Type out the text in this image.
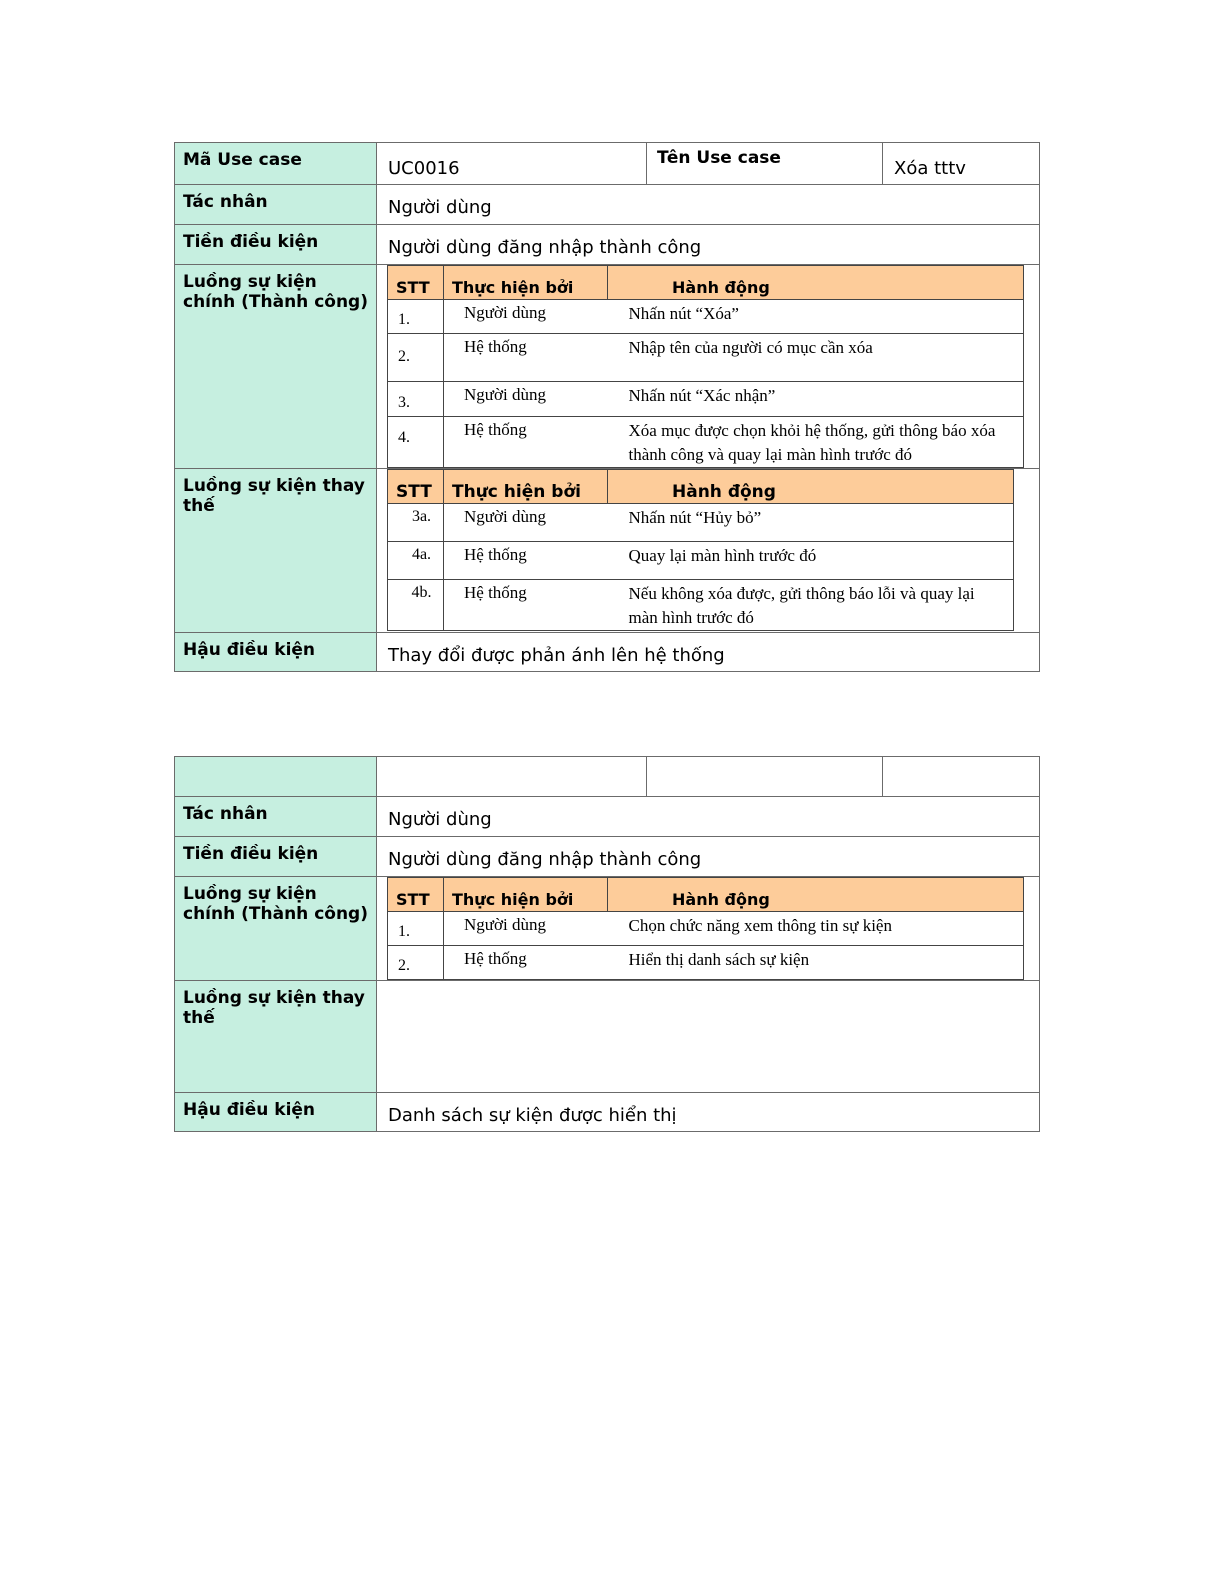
Mã Use case	UC0016	Tên Use case	Xóa tttv
Tác nhân	Người dùng
Tiền điều kiện	Người dùng đăng nhập thành công
Luồng sự kiện chính (Thành công)	
STT	Thực hiện bởi	Hành động
1.	Người dùng	Nhấn nút “Xóa”
2.	Hệ thống	Nhập tên của người có mục cần xóa
3.	Người dùng	Nhấn nút “Xác nhận”
4.	Hệ thống	Xóa mục được chọn khỏi hệ thống, gửi thông báo xóa thành công và quay lại màn hình trước đó

Luồng sự kiện thay thế	
STT	Thực hiện bởi	Hành động
3a.	Người dùng	Nhấn nút “Hủy bỏ”
4a.	Hệ thống	Quay lại màn hình trước đó
4b.	Hệ thống	Nếu không xóa được, gửi thông báo lỗi và quay lại màn hình trước đó

Hậu điều kiện	Thay đổi được phản ánh lên hệ thống

Tác nhân	Người dùng
Tiền điều kiện	Người dùng đăng nhập thành công
Luồng sự kiện chính (Thành công)	
STT	Thực hiện bởi	Hành động
1.	Người dùng	Chọn chức năng xem thông tin sự kiện
2.	Hệ thống	Hiển thị danh sách sự kiện

Luồng sự kiện thay thế	
Hậu điều kiện	Danh sách sự kiện được hiển thị
